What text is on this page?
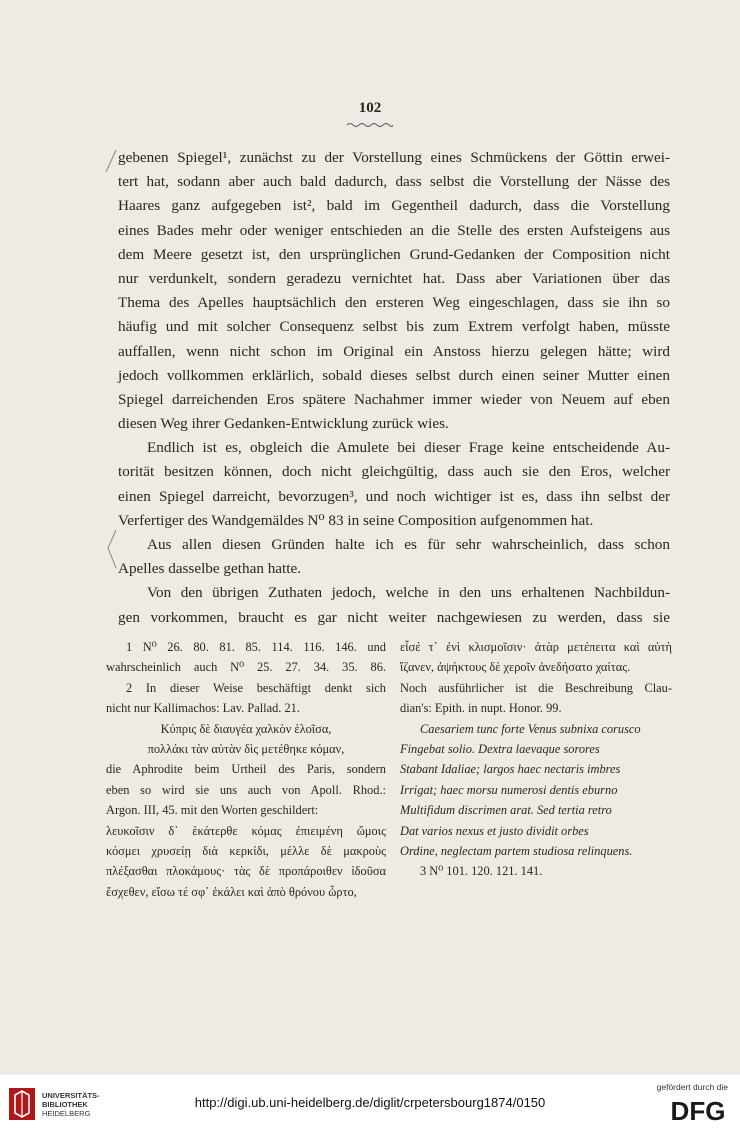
102
gebenen Spiegel¹, zunächst zu der Vorstellung eines Schmückens der Göttin erwei-
tert hat, sodann aber auch bald dadurch, dass selbst die Vorstellung der Nässe des
Haares ganz aufgegeben ist², bald im Gegentheil dadurch, dass die Vorstellung
eines Bades mehr oder weniger entschieden an die Stelle des ersten Aufsteigens aus
dem Meere gesetzt ist, den ursprünglichen Grund-Gedanken der Composition nicht
nur verdunkelt, sondern geradezu vernichtet hat. Dass aber Variationen über das
Thema des Apelles hauptsächlich den ersteren Weg eingeschlagen, dass sie ihn so
häufig und mit solcher Consequenz selbst bis zum Extrem verfolgt haben, müsste
auffallen, wenn nicht schon im Original ein Anstoss hierzu gelegen hätte; wird
jedoch vollkommen erklärlich, sobald dieses selbst durch einen seiner Mutter einen
Spiegel darreichenden Eros spätere Nachahmer immer wieder von Neuem auf eben
diesen Weg ihrer Gedanken-Entwicklung zurück wies.
Endlich ist es, obgleich die Amulete bei dieser Frage keine entscheidende Au-
torität besitzen können, doch nicht gleichgültig, dass auch sie den Eros, welcher
einen Spiegel darreicht, bevorzugen³, und noch wichtiger ist es, dass ihn selbst der
Verfertiger des Wandgemäldes N⁰ 83 in seine Composition aufgenommen hat.
Aus allen diesen Gründen halte ich es für sehr wahrscheinlich, dass schon
Apelles dasselbe gethan hatte.
Von den übrigen Zuthaten jedoch, welche in den uns erhaltenen Nachbildun-
gen vorkommen, braucht es gar nicht weiter nachgewiesen zu werden, dass sie
1 N⁰ 26. 80. 81. 85. 114. 116. 146. und
wahrscheinlich auch N⁰ 25. 27. 34. 35. 86.
2 In dieser Weise beschäftigt denkt sich
nicht nur Kallimachos: Lav. Pallad. 21.
Κύπρις δὲ διαυγέα χαλκὸν ἑλοῖσα,
πολλάκι τὰν αὐτὰν δὶς μετέθηκε κόμαν,
die Aphrodite beim Urtheil des Paris, sondern
eben so wird sie uns auch von Apoll. Rhod.:
Argon. III, 45. mit den Worten geschildert:
λευκοῖσιν δ᾽ ἑκάτερθε κόμας ἐπιειμένη ὤμοις
κόσμει χρυσείῃ διὰ κερκίδι, μέλλε δὲ μακροὺς
πλέξασθαι πλοκάμους· τὰς δὲ προπάροιθεν ἰδοῦσα
ἔσχεθεν, εἴσω τέ σφ᾽ ἐκάλει καὶ ἀπὸ θρόνου ὦρτο,
εἷσέ τ᾽ ἐνὶ κλισμοῖσιν· ἀτὰρ μετέπειτα καὶ αὐτὴ
ἵζανεν, ἀψήκτους δὲ χεροῖν ἀνεδήσατο χαίτας.
Noch ausführlicher ist die Beschreibung Clau-
dian's: Epith. in nupt. Honor. 99.
Caesariem tunc forte Venus subnixa corusco
Fingebat solio. Dextra laevaque sorores
Stabant Idaliae; largos haec nectaris imbres
Irrigat; haec morsu numerosi dentis eburno
Multifidum discrimen arat. Sed tertia retro
Dat varios nexus et justo dividit orbes
Ordine, neglectam partem studiosa relinquens.
3 N⁰ 101. 120. 121. 141.
UNIVERSITÄTS-
BIBLIOTHEK
HEIDELBERG
http://digi.ub.uni-heidelberg.de/diglit/crpetersbourg1874/0150
gefördert durch die
DFG
